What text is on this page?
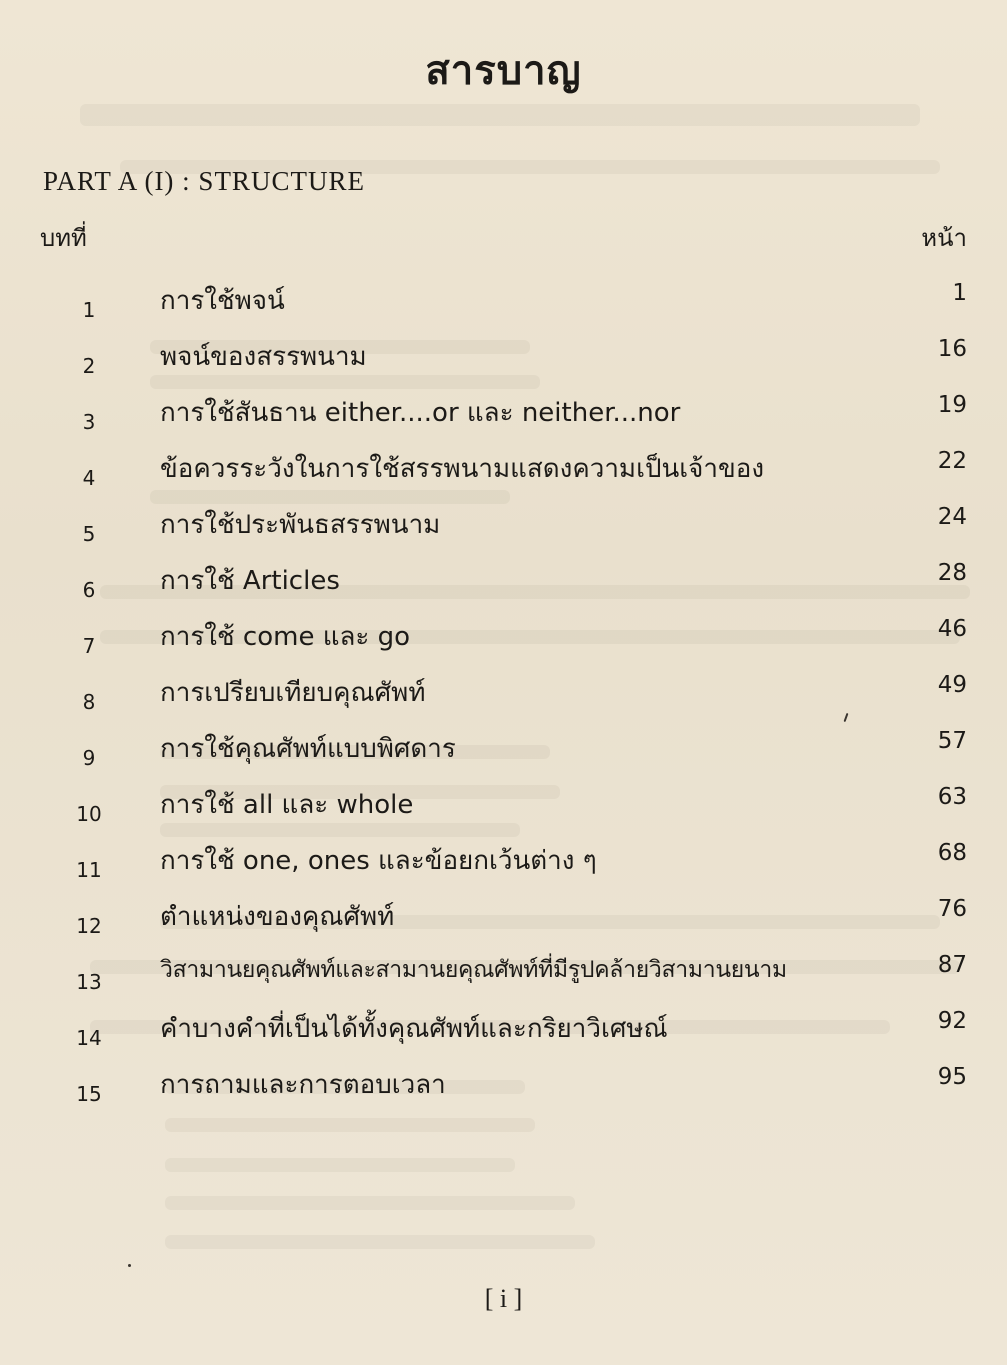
สารบาญ
PART A (I) : STRUCTURE
บทที่	หน้า
1	การใช้พจน์	1
2	พจน์ของสรรพนาม	16
3	การใช้สันธาน either....or และ neither...nor	19
4	ข้อควรระวังในการใช้สรรพนามแสดงความเป็นเจ้าของ	22
5	การใช้ประพันธสรรพนาม	24
6	การใช้ Articles	28
7	การใช้ come และ go	46
8	การเปรียบเทียบคุณศัพท์	49
9	การใช้คุณศัพท์แบบพิศดาร	57
10	การใช้ all และ whole	63
11	การใช้ one, ones และข้อยกเว้นต่าง ๆ	68
12	ตำแหน่งของคุณศัพท์	76
13	วิสามานยคุณศัพท์และสามานยคุณศัพท์ที่มีรูปคล้ายวิสามานยนาม	87
14	คำบางคำที่เป็นได้ทั้งคุณศัพท์และกริยาวิเศษณ์	92
15	การถามและการตอบเวลา	95
[ i ]
